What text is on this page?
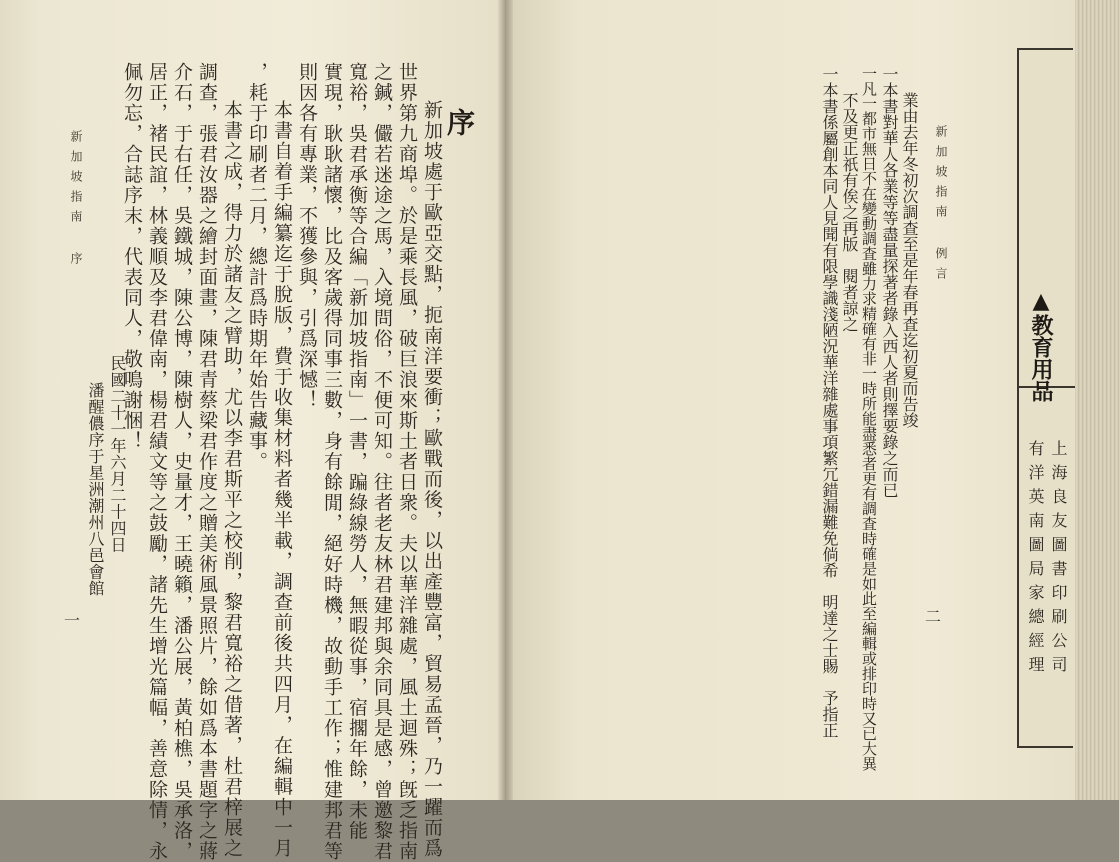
新加坡指南 序
序
新加坡處于歐亞交點，扼南洋要衝；歐戰而後，以出產豐富，貿易孟晉，乃一躍而爲
世界第九商埠。於是乘長風，破巨浪來斯土者日衆。夫以華洋雜處，風土迴殊；旣乏指南
之鍼，儼若迷途之馬，入境問俗，不便可知。往者老友林君建邦與余同具是感，曾邀黎君
寬裕，吳君承衡等合編「新加坡指南」一書，蹁綠線勞人，無暇從事，宿擱年餘，未能
實現，耿耿諸懷，比及客歲得同事三數，身有餘閒，絕好時機，故動手工作；惟建邦君等
則因各有專業，不獲參與，引爲深憾！
本書自着手編纂迄于脫版，費于收集材料者幾半載，調查前後共四月，在編輯中一月
，耗于印刷者二月，總計爲時期年始告藏事。
本書之成，得力於諸友之臂助，尤以李君斯平之校削，黎君寬裕之借著，杜君梓展之
調查，張君汝器之繪封面畫，陳君青蔡梁君作度之贈美術風景照片，餘如爲本書題字之蔣
介石，于右任，吳鐵城，陳公博，陳樹人，史量才，王曉籟，潘公展，黃柏樵，吳承洛，
居正，褚民誼，林義順及李君偉南，楊君績文等之鼓勵，諸先生增光篇幅，善意除情，永
佩勿忘，合誌序末，代表同人，敬鳴謝悃！
民國二十一年六月二十四日
潘醒儂序于星洲潮州八邑會館
一
新加坡指南 例言
業由去年冬初次調查至是年春再査迄初夏而告竣
一本書對華人各業等等盡量探著者錄入西人者則擇要錄之而已
一凡一都市無日不在變動調査雖力求精確有非一時所能盡悉者更有調査時確是如此至編輯或排印時又已大異
不及更正祇有俟之再版　閱者諒之
一本書係屬創本同人見聞有限學識淺陋況華洋雜處事項繁冗錯漏難免倘希　明達之士賜　予指正	二
▲教育用品
上海良友圖書印刷公司
有洋英南圖局家總經理
